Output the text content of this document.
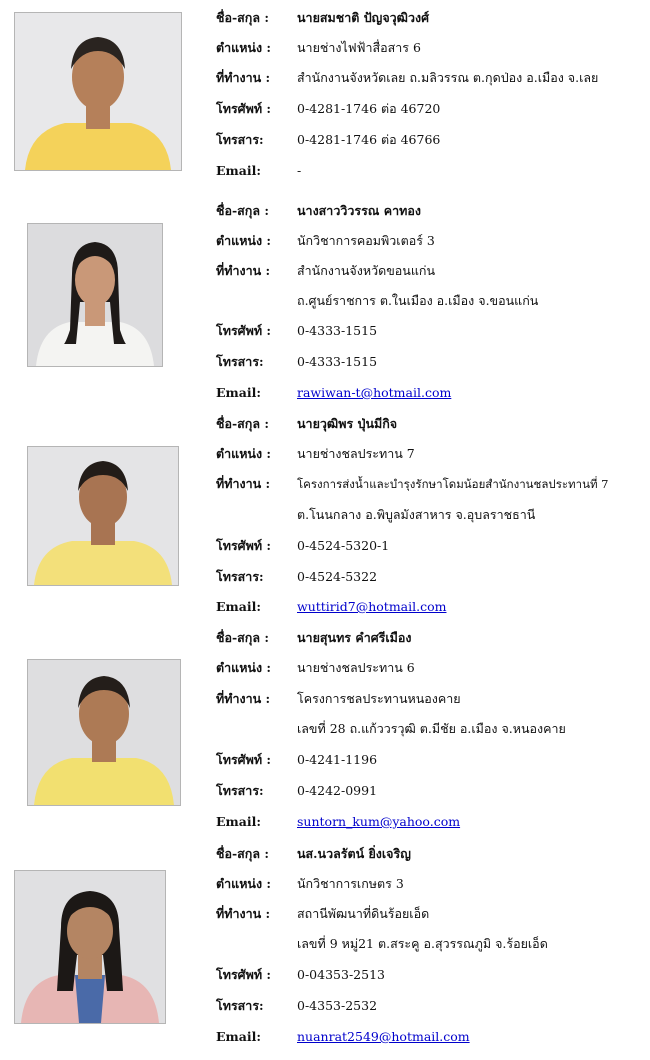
ชื่อ-สกุล : นายสมชาติ ปัญจวุฒิวงศ์
ตำแหน่ง : นายช่างไฟฟ้าสื่อสาร 6
ที่ทำงาน : สำนักงานจังหวัดเลย ถ.มลิวรรณ ต.กุดป่อง อ.เมือง จ.เลย
โทรศัพท์ : 0-4281-1746 ต่อ 46720
โทรสาร:	0-4281-1746 ต่อ 46766
Email:	-
ชื่อ-สกุล : นางสาววิวรรณ คาทอง
ตำแหน่ง : นักวิชาการคอมพิวเตอร์ 3
ที่ทำงาน : สำนักงานจังหวัดขอนแก่น
ถ.ศูนย์ราชการ ต.ในเมือง อ.เมือง จ.ขอนแก่น
โทรศัพท์ : 0-4333-1515
โทรสาร:	0-4333-1515
Email:	rawiwan-t@hotmail.com
ชื่อ-สกุล : นายวุฒิพร ปุ่นมีกิจ
ตำแหน่ง : นายช่างชลประทาน 7
ที่ทำงาน : โครงการส่งน้ำและบำรุงรักษาโดมน้อยสำนักงานชลประทานที่ 7
ต.โนนกลาง อ.พิบูลมังสาหาร จ.อุบลราชธานี
โทรศัพท์ : 0-4524-5320-1
โทรสาร:	0-4524-5322
Email:	wuttirid7@hotmail.com
ชื่อ-สกุล : นายสุนทร คำศรีเมือง
ตำแหน่ง : นายช่างชลประทาน 6
ที่ทำงาน : โครงการชลประทานหนองคาย
เลขที่ 28 ถ.แก้ววรวุฒิ ต.มีชัย อ.เมือง จ.หนองคาย
โทรศัพท์ : 0-4241-1196
โทรสาร:	0-4242-0991
Email:	suntorn_kum@yahoo.com
ชื่อ-สกุล : นส.นวลรัตน์ ยิ่งเจริญ
ตำแหน่ง : นักวิชาการเกษตร 3
ที่ทำงาน : สถานีพัฒนาที่ดินร้อยเอ็ด
เลขที่ 9 หมู่21 ต.สระคู อ.สุวรรณภูมิ จ.ร้อยเอ็ด
โทรศัพท์ : 0-04353-2513
โทรสาร:	0-4353-2532
Email:	nuanrat2549@hotmail.com
